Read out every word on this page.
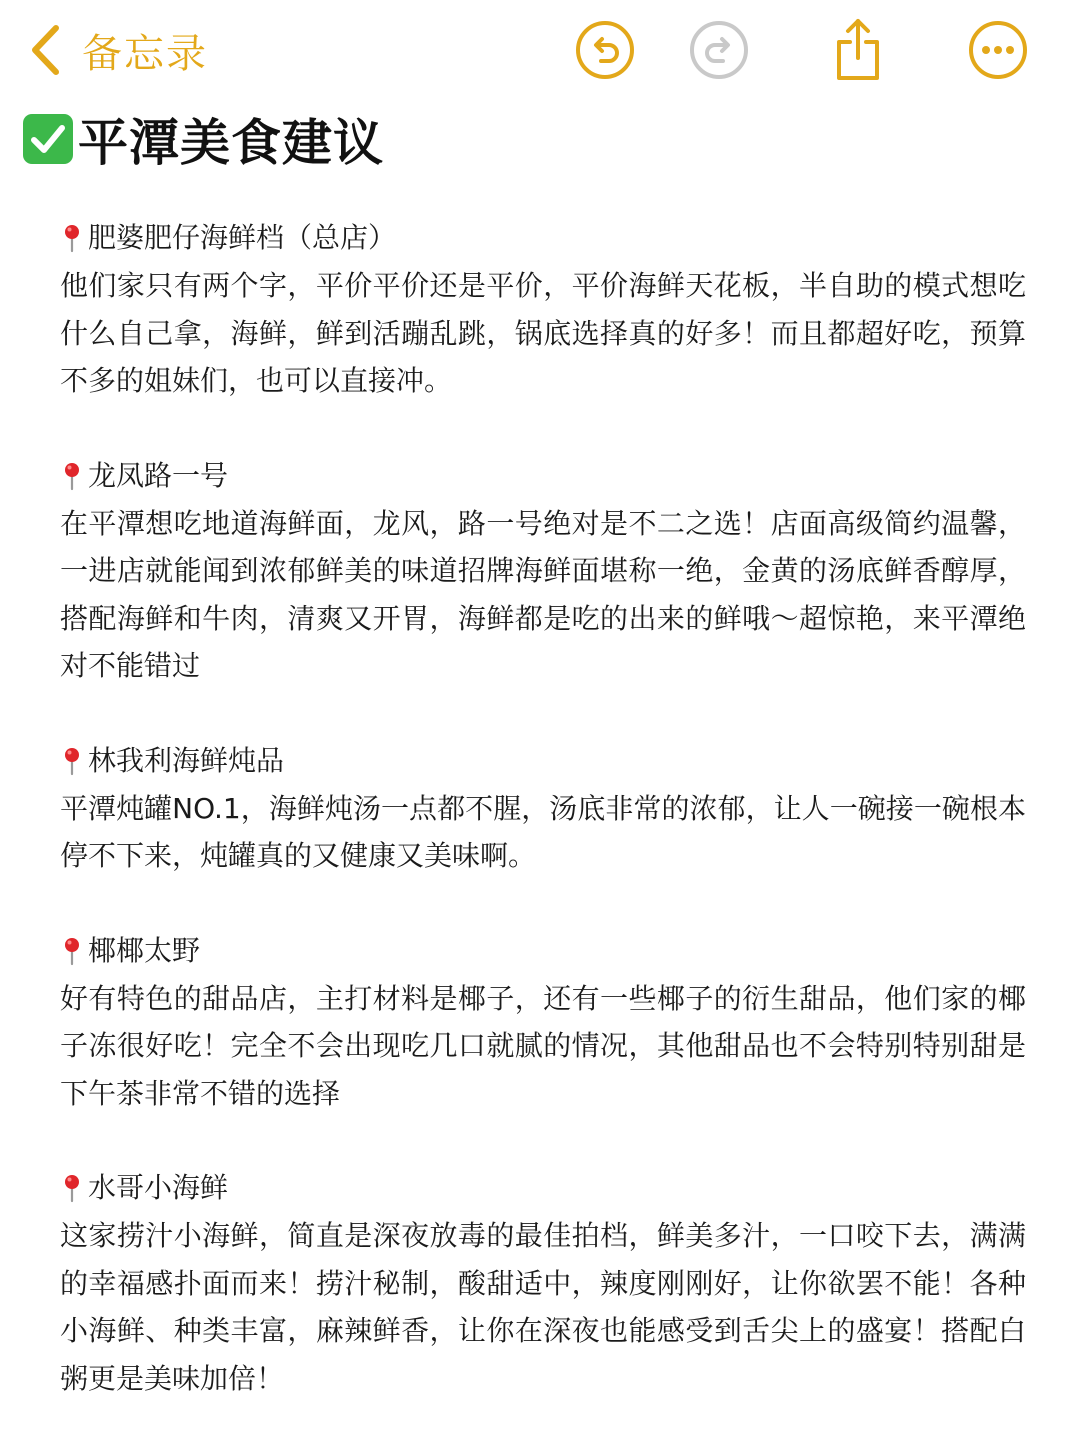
备忘录
平潭美食建议
肥婆肥仔海鲜档（总店）

他们家只有两个字，平价平价还是平价，平价海鲜天花板，半自助的模式想吃什么自己拿，海鲜，鲜到活蹦乱跳，锅底选择真的好多！而且都超好吃，预算不多的姐妹们，也可以直接冲。

龙凤路一号

在平潭想吃地道海鲜面，龙风，路一号绝对是不二之选！店面高级简约温馨，一进店就能闻到浓郁鲜美的味道招牌海鲜面堪称一绝，金黄的汤底鲜香醇厚，搭配海鲜和牛肉，清爽又开胃，海鲜都是吃的出来的鲜哦～超惊艳，来平潭绝对不能错过

林我利海鲜炖品

平潭炖罐NO.1，海鲜炖汤一点都不腥，汤底非常的浓郁，让人一碗接一碗根本停不下来，炖罐真的又健康又美味啊。

椰椰太野

好有特色的甜品店，主打材料是椰子，还有一些椰子的衍生甜品，他们家的椰子冻很好吃！完全不会出现吃几口就腻的情况，其他甜品也不会特别特别甜是下午茶非常不错的选择

水哥小海鲜

这家捞汁小海鲜，简直是深夜放毒的最佳拍档，鲜美多汁，一口咬下去，满满的幸福感扑面而来！捞汁秘制，酸甜适中，辣度刚刚好，让你欲罢不能！各种小海鲜、种类丰富，麻辣鲜香，让你在深夜也能感受到舌尖上的盛宴！搭配白粥更是美味加倍！
